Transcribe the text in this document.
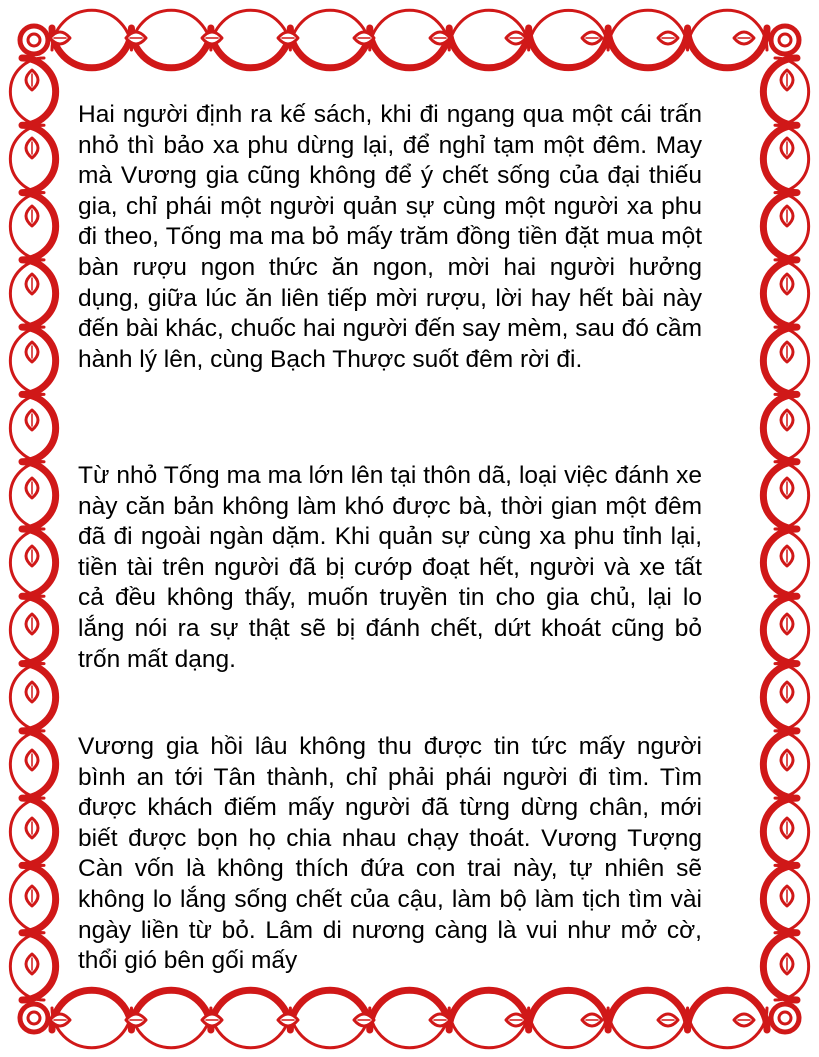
Hai người định ra kế sách, khi đi ngang qua một cái trấn nhỏ thì bảo xa phu dừng lại, để nghỉ tạm một đêm. May mà Vương gia cũng không để ý chết sống của đại thiếu gia, chỉ phái một người quản sự cùng một người xa phu đi theo, Tống ma ma bỏ mấy trăm đồng tiền đặt mua một bàn rượu ngon thức ăn ngon, mời hai người hưởng dụng, giữa lúc ăn liên tiếp mời rượu, lời hay hết bài này đến bài khác, chuốc hai người đến say mèm, sau đó cầm hành lý lên, cùng Bạch Thược suốt đêm rời đi.

Từ nhỏ Tống ma ma lớn lên tại thôn dã, loại việc đánh xe này căn bản không làm khó được bà, thời gian một đêm đã đi ngoài ngàn dặm. Khi quản sự cùng xa phu tỉnh lại, tiền tài trên người đã bị cướp đoạt hết, người và xe tất cả đều không thấy, muốn truyền tin cho gia chủ, lại lo lắng nói ra sự thật sẽ bị đánh chết, dứt khoát cũng bỏ trốn mất dạng.

Vương gia hồi lâu không thu được tin tức mấy người bình an tới Tân thành, chỉ phải phái người đi tìm. Tìm được khách điếm mấy người đã từng dừng chân, mới biết được bọn họ chia nhau chạy thoát. Vương Tượng Càn vốn là không thích đứa con trai này, tự nhiên sẽ không lo lắng sống chết của cậu, làm bộ làm tịch tìm vài ngày liền từ bỏ. Lâm di nương càng là vui như mở cờ, thổi gió bên gối mấy
